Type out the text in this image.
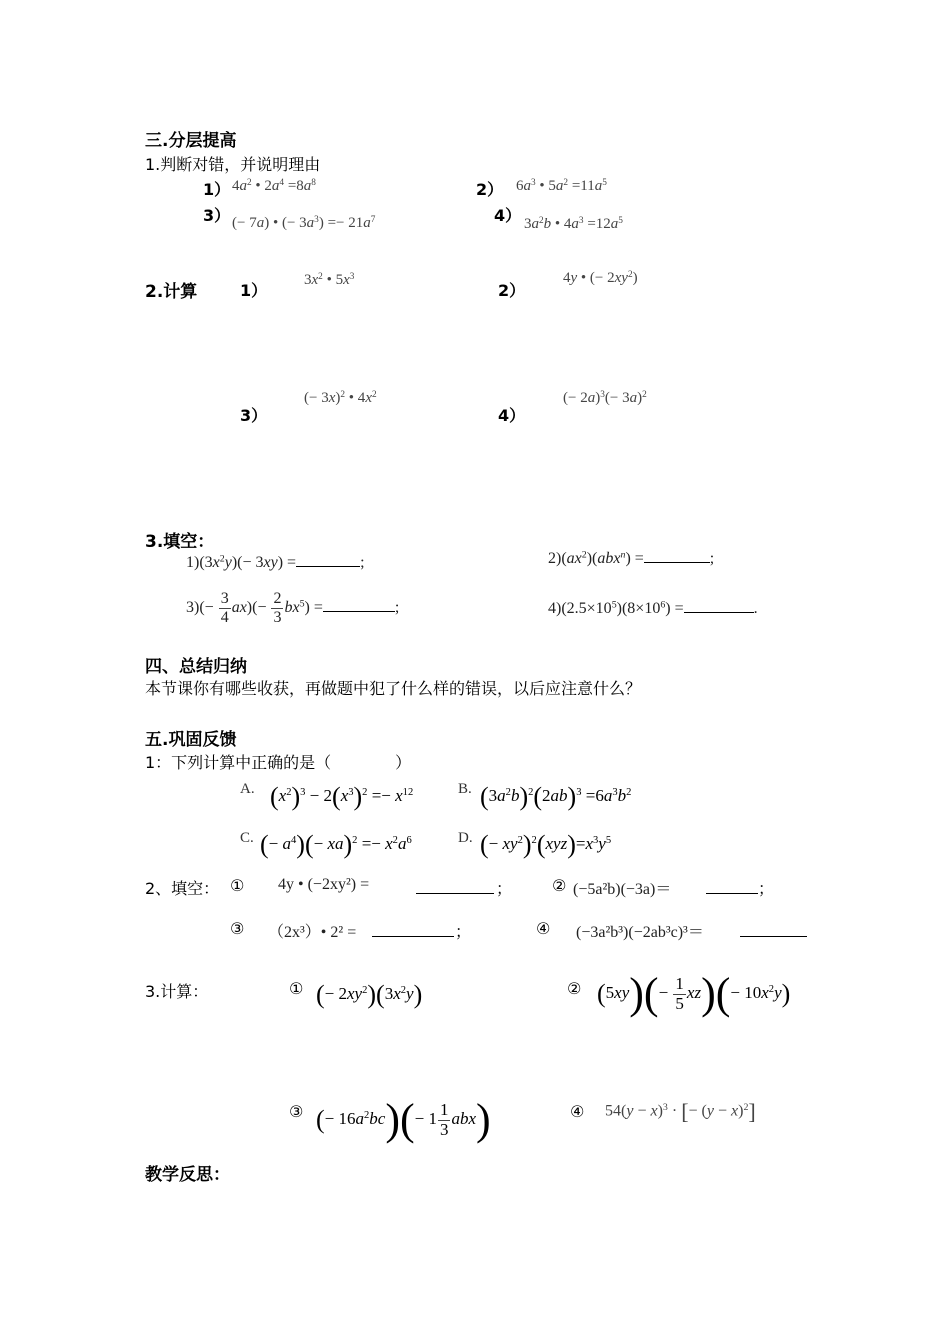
三.分层提高
1.判断对错，并说明理由
1） $4a^2$ • $2a^4 =8a^8$	2） $6a^3$ • $5a^2 =11a^5$
3） (− 7a) • (− $3a^3) =- 21a^7$	4） $3a^2b$ • $4a^3 =12a^5$
2.计算	1）
$3x^2$ • $5x^3$
2）
4y • (− $2xy^2$)
3）
(− 3x)$^2$ • $4x^2$
4）
(− $2a)^3(- 3a)^2$
3.填空：
$1)(3x^2y)(- 3xy)$ =	;	$2)(ax^2)(abx^n)$ =	;
$3)(- \frac{3}{4} ax)(- \frac{2}{3} bx^5)$ =	;	$4)(2.5\times 10^5)(8\times 10^6)$ =	.
四、总结归纳
本节课你有哪些收获，再做题中犯了什么样的错误，以后应注意什么？
五.巩固反馈
1：下列计算中正确的是（　　　　）
A. $(x^2)^3 - 2(x^3)^2 =- x^{12}$	B. $(3a^2b)^2(2ab)^3 =6a^3b^2$
C. (− $a^4)(- xa)^2 =- x^2a^6$	D. (− $xy^2)^2(xyz)=x^3y^5$
2、填空： ① 4y • (−2xy²) =	； ② (−5a²b)(−3a)＝	；
③ （2x³）• 2² =	；	④ (−3a²b³)(−2ab³c)³＝
3.计算：	① (− $2xy^2)(3x^2y)$	② $(5xy)(- \frac{1}{5} xz)(- 10x^2y)$
③ (− $16a^2bc)(- 1 \frac{1}{3} abx)$	④ $54(y - x)^3$ · [− $(y - x)^2$]
教学反思：
